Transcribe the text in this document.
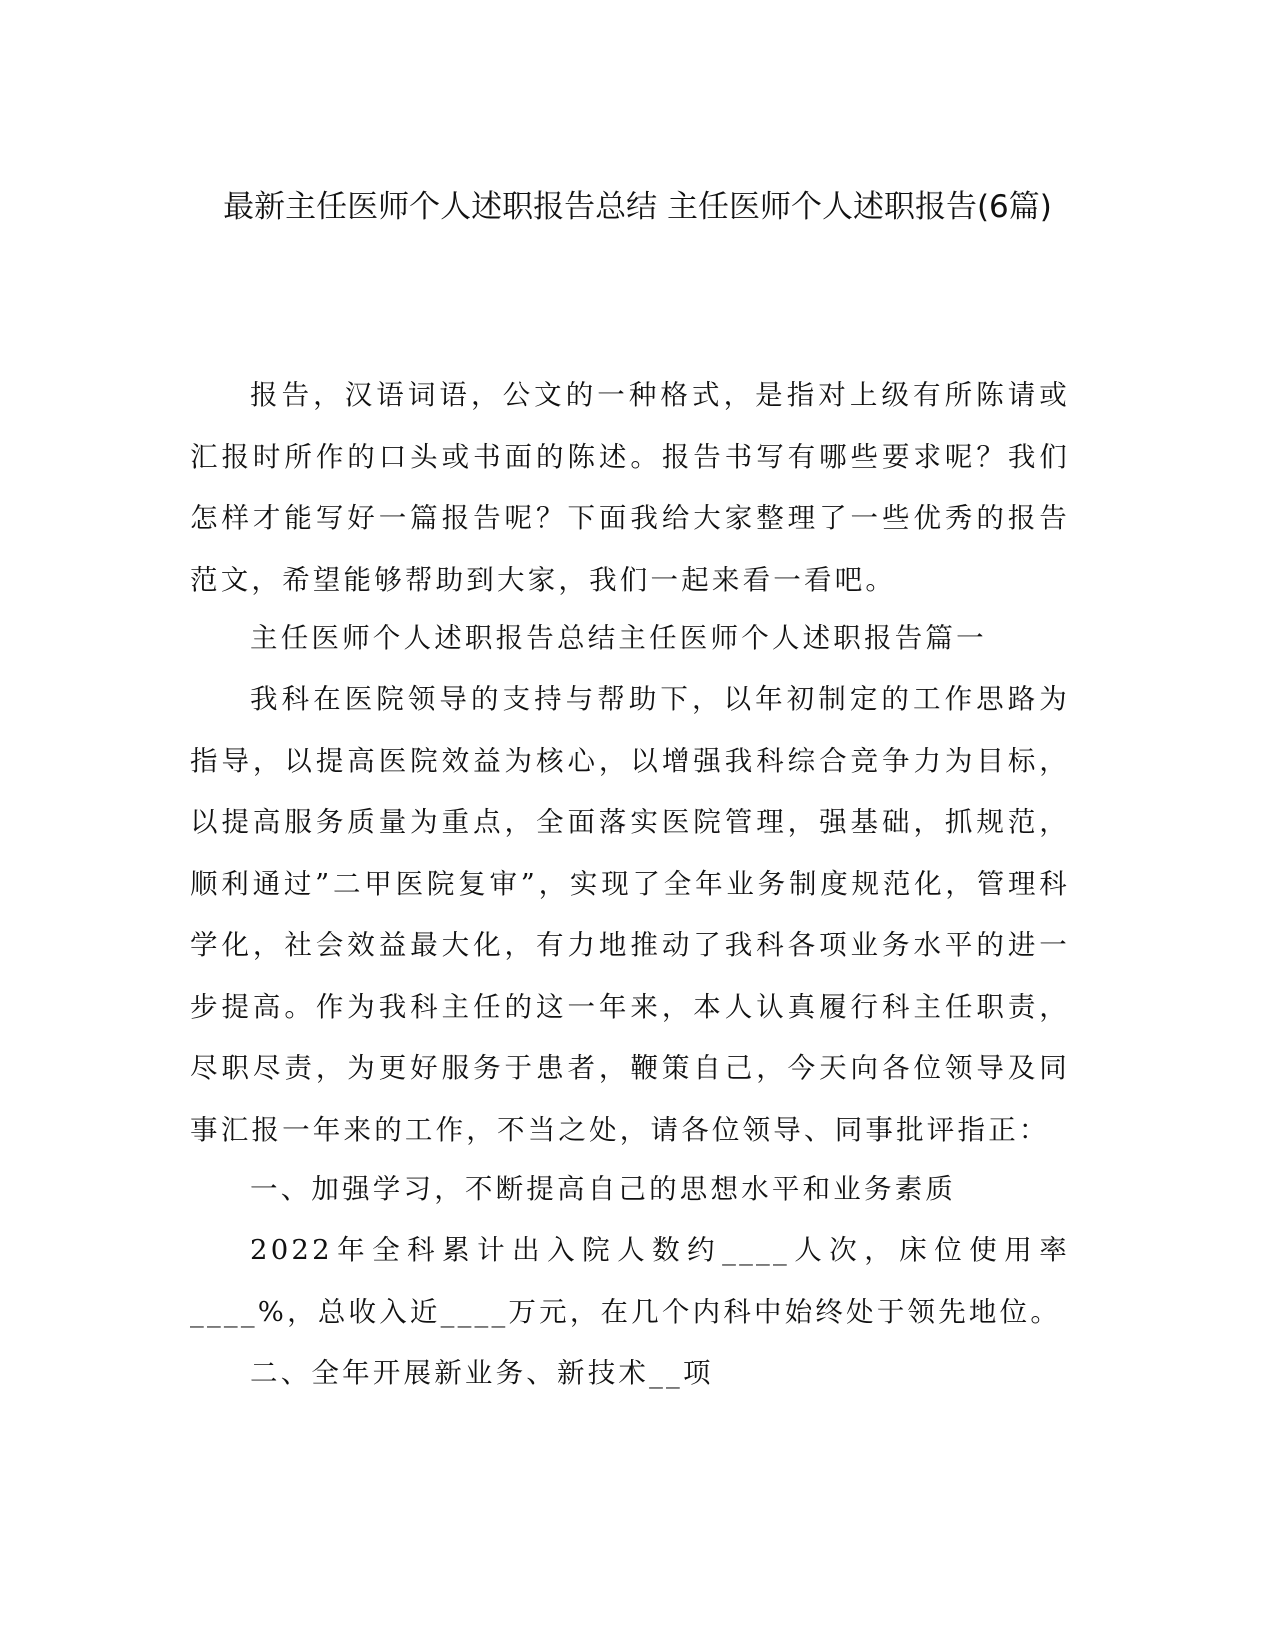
最新主任医师个人述职报告总结 主任医师个人述职报告(6篇)

报告，汉语词语，公文的一种格式，是指对上级有所陈请或汇报时所作的口头或书面的陈述。报告书写有哪些要求呢？我们怎样才能写好一篇报告呢？下面我给大家整理了一些优秀的报告范文，希望能够帮助到大家，我们一起来看一看吧。

主任医师个人述职报告总结主任医师个人述职报告篇一

我科在医院领导的支持与帮助下，以年初制定的工作思路为指导，以提高医院效益为核心，以增强我科综合竞争力为目标，以提高服务质量为重点，全面落实医院管理，强基础，抓规范，顺利通过”二甲医院复审”，实现了全年业务制度规范化，管理科学化，社会效益最大化，有力地推动了我科各项业务水平的进一步提高。作为我科主任的这一年来，本人认真履行科主任职责，尽职尽责，为更好服务于患者，鞭策自己，今天向各位领导及同事汇报一年来的工作，不当之处，请各位领导、同事批评指正：

一、加强学习，不断提高自己的思想水平和业务素质

2022年全科累计出入院人数约____人次，床位使用率____%，总收入近____万元，在几个内科中始终处于领先地位。

二、全年开展新业务、新技术__项
